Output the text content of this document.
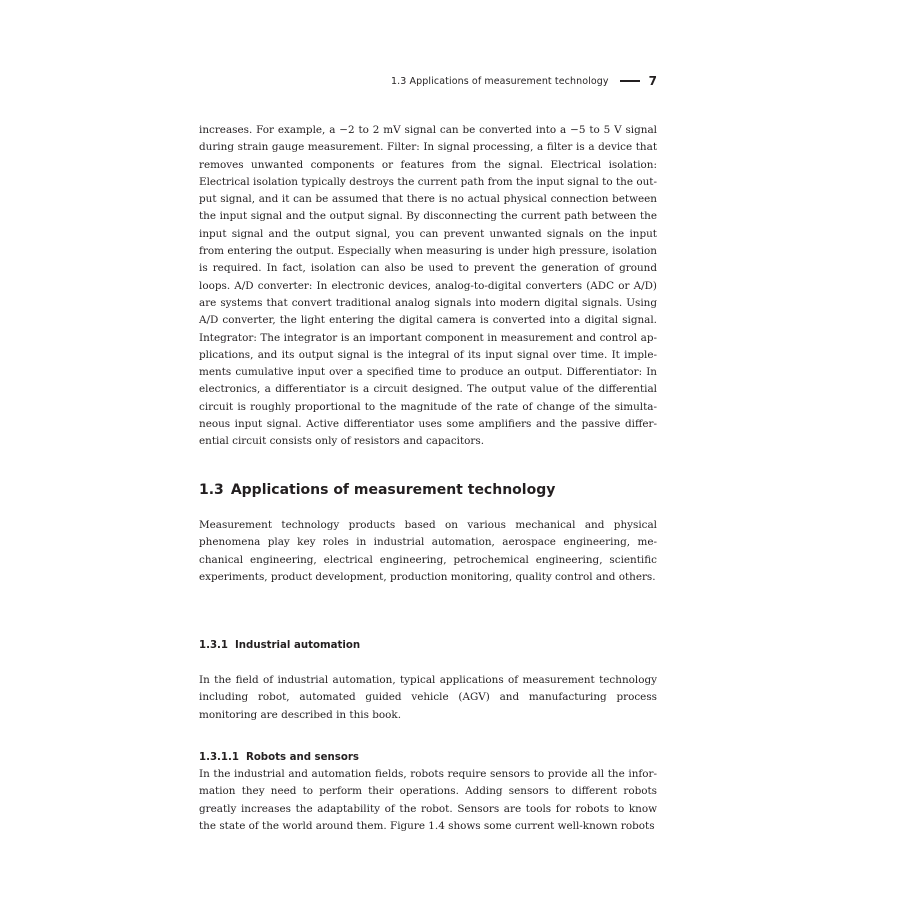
1.3 Applications of measurement technology	7

increases. For example, a −2 to 2 mV signal can be converted into a −5 to 5 V signal during strain gauge measurement. Filter: In signal processing, a filter is a device that removes unwanted components or features from the signal. Electrical isolation: Electrical isolation typically destroys the current path from the input signal to the output signal, and it can be assumed that there is no actual physical connection between the input signal and the output signal. By disconnecting the current path between the input signal and the output signal, you can prevent unwanted signals on the input from entering the output. Especially when measuring is under high pressure, isolation is required. In fact, isolation can also be used to prevent the generation of ground loops. A/D converter: In electronic devices, analog-to-digital converters (ADC or A/D) are systems that convert traditional analog signals into modern digital signals. Using A/D converter, the light entering the digital camera is converted into a digital signal. Integrator: The integrator is an important component in measurement and control applications, and its output signal is the integral of its input signal over time. It implements cumulative input over a specified time to produce an output. Differentiator: In electronics, a differentiator is a circuit designed. The output value of the differential circuit is roughly proportional to the magnitude of the rate of change of the simultaneous input signal. Active differentiator uses some amplifiers and the passive differential circuit consists only of resistors and capacitors.

1.3 Applications of measurement technology

Measurement technology products based on various mechanical and physical phenomena play key roles in industrial automation, aerospace engineering, mechanical engineering, electrical engineering, petrochemical engineering, scientific experiments, product development, production monitoring, quality control and others.

1.3.1 Industrial automation

In the field of industrial automation, typical applications of measurement technology including robot, automated guided vehicle (AGV) and manufacturing process monitoring are described in this book.

1.3.1.1 Robots and sensors

In the industrial and automation fields, robots require sensors to provide all the information they need to perform their operations. Adding sensors to different robots greatly increases the adaptability of the robot. Sensors are tools for robots to know the state of the world around them. Figure 1.4 shows some current well-known robots
